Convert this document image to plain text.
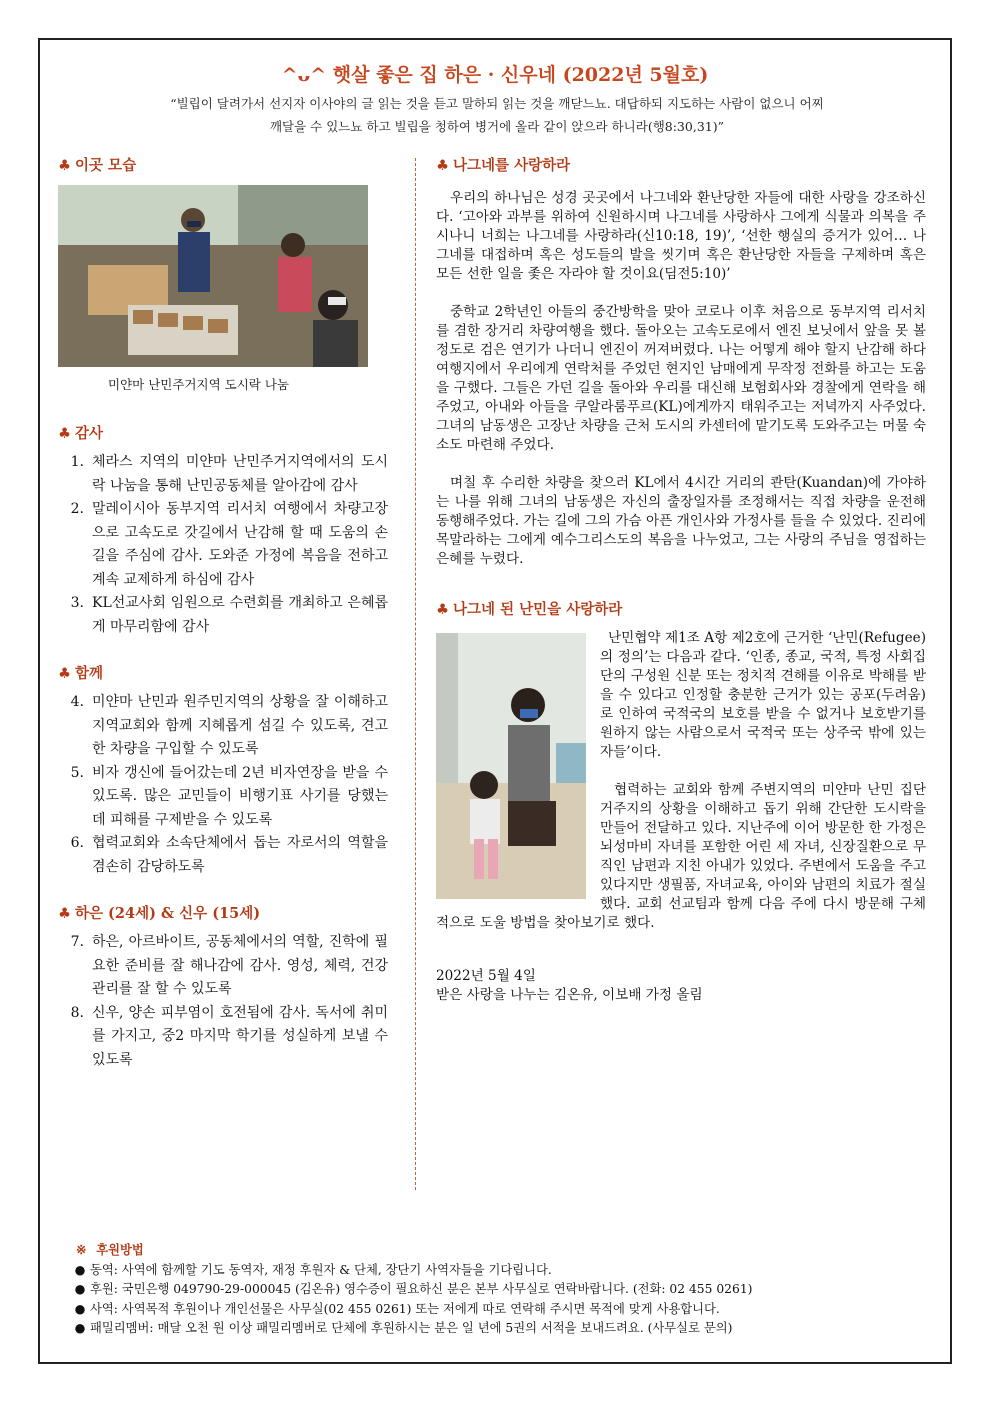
^ᴗ^ 햇살 좋은 집 하은 · 신우네 (2022년 5월호)
“빌립이 달려가서 선지자 이사야의 글 읽는 것을 듣고 말하되 읽는 것을 깨닫느뇨. 대답하되 지도하는 사람이 없으니 어찌
깨달을 수 있느뇨 하고 빌립을 청하여 병거에 올라 같이 앉으라 하니라(행8:30,31)”
♣ 이곳 모습
미얀마 난민주거지역 도시락 나눔
♣ 감사
1. 체라스 지역의 미얀마 난민주거지역에서의 도시락 나눔을 통해 난민공동체를 알아감에 감사
2. 말레이시아 동부지역 리서치 여행에서 차량고장으로 고속도로 갓길에서 난감해 할 때 도움의 손길을 주심에 감사. 도와준 가정에 복음을 전하고 계속 교제하게 하심에 감사
3. KL선교사회 임원으로 수련회를 개최하고 은혜롭게 마무리함에 감사
♣ 함께
4. 미얀마 난민과 원주민지역의 상황을 잘 이해하고 지역교회와 함께 지혜롭게 섬길 수 있도록, 견고한 차량을 구입할 수 있도록
5. 비자 갱신에 들어갔는데 2년 비자연장을 받을 수 있도록. 많은 교민들이 비행기표 사기를 당했는데 피해를 구제받을 수 있도록
6. 협력교회와 소속단체에서 돕는 자로서의 역할을 겸손히 감당하도록
♣ 하은 (24세) & 신우 (15세)
7. 하은, 아르바이트, 공동체에서의 역할, 진학에 필요한 준비를 잘 해나감에 감사. 영성, 체력, 건강관리를 잘 할 수 있도록
8. 신우, 양손 피부염이 호전됨에 감사. 독서에 취미를 가지고, 중2 마지막 학기를 성실하게 보낼 수 있도록
♣ 나그네를 사랑하라

우리의 하나님은 성경 곳곳에서 나그네와 환난당한 자들에 대한 사랑을 강조하신다. ‘고아와 과부를 위하여 신원하시며 나그네를 사랑하사 그에게 식물과 의복을 주시나니 너희는 나그네를 사랑하라(신10:18, 19)’, ‘선한 행실의 증거가 있어… 나그네를 대접하며 혹은 성도들의 발을 씻기며 혹은 환난당한 자들을 구제하며 혹은 모든 선한 일을 좇은 자라야 할 것이요(딤전5:10)’

중학교 2학년인 아들의 중간방학을 맞아 코로나 이후 처음으로 동부지역 리서치를 겸한 장거리 차량여행을 했다. 돌아오는 고속도로에서 엔진 보닛에서 앞을 못 볼 정도로 검은 연기가 나더니 엔진이 꺼져버렸다. 나는 어떻게 해야 할지 난감해 하다 여행지에서 우리에게 연락처를 주었던 현지인 남매에게 무작정 전화를 하고는 도움을 구했다. 그들은 가던 길을 돌아와 우리를 대신해 보험회사와 경찰에게 연락을 해주었고, 아내와 아들을 쿠알라룸푸르(KL)에게까지 태워주고는 저녁까지 사주었다. 그녀의 남동생은 고장난 차량을 근처 도시의 카센터에 맡기도록 도와주고는 머물 숙소도 마련해 주었다.

며칠 후 수리한 차량을 찾으러 KL에서 4시간 거리의 콴탄(Kuandan)에 가야하는 나를 위해 그녀의 남동생은 자신의 출장일자를 조정해서는 직접 차량을 운전해 동행해주었다. 가는 길에 그의 가슴 아픈 개인사와 가정사를 들을 수 있었다. 진리에 목말라하는 그에게 예수그리스도의 복음을 나누었고, 그는 사랑의 주님을 영접하는 은혜를 누렸다.

♣ 나그네 된 난민을 사랑하라

난민협약 제1조 A항 제2호에 근거한 ‘난민(Refugee)의 정의’는 다음과 같다. ‘인종, 종교, 국적, 특정 사회집단의 구성원 신분 또는 정치적 견해를 이유로 박해를 받을 수 있다고 인정할 충분한 근거가 있는 공포(두려움)로 인하여 국적국의 보호를 받을 수 없거나 보호받기를 원하지 않는 사람으로서 국적국 또는 상주국 밖에 있는 자들’이다.

협력하는 교회와 함께 주변지역의 미얀마 난민 집단거주지의 상황을 이해하고 돕기 위해 간단한 도시락을 만들어 전달하고 있다. 지난주에 이어 방문한 한 가정은 뇌성마비 자녀를 포함한 어린 세 자녀, 신장질환으로 무직인 남편과 지친 아내가 있었다. 주변에서 도움을 주고 있다지만 생필품, 자녀교육, 아이와 남편의 치료가 절실했다. 교회 선교팀과 함께 다음 주에 다시 방문해 구체적으로 도울 방법을 찾아보기로 했다.

2022년 5월 4일
받은 사랑을 나누는 김온유, 이보배 가정 올림
※ 후원방법
● 동역: 사역에 함께할 기도 동역자, 재정 후원자 & 단체, 장단기 사역자들을 기다립니다.
● 후원: 국민은행 049790-29-000045 (김온유) 영수증이 필요하신 분은 본부 사무실로 연락바랍니다. (전화: 02 455 0261)
● 사역: 사역목적 후원이나 개인선물은 사무실(02 455 0261) 또는 저에게 따로 연락해 주시면 목적에 맞게 사용합니다.
● 패밀리멤버: 매달 오천 원 이상 패밀리멤버로 단체에 후원하시는 분은 일 년에 5권의 서적을 보내드려요. (사무실로 문의)
